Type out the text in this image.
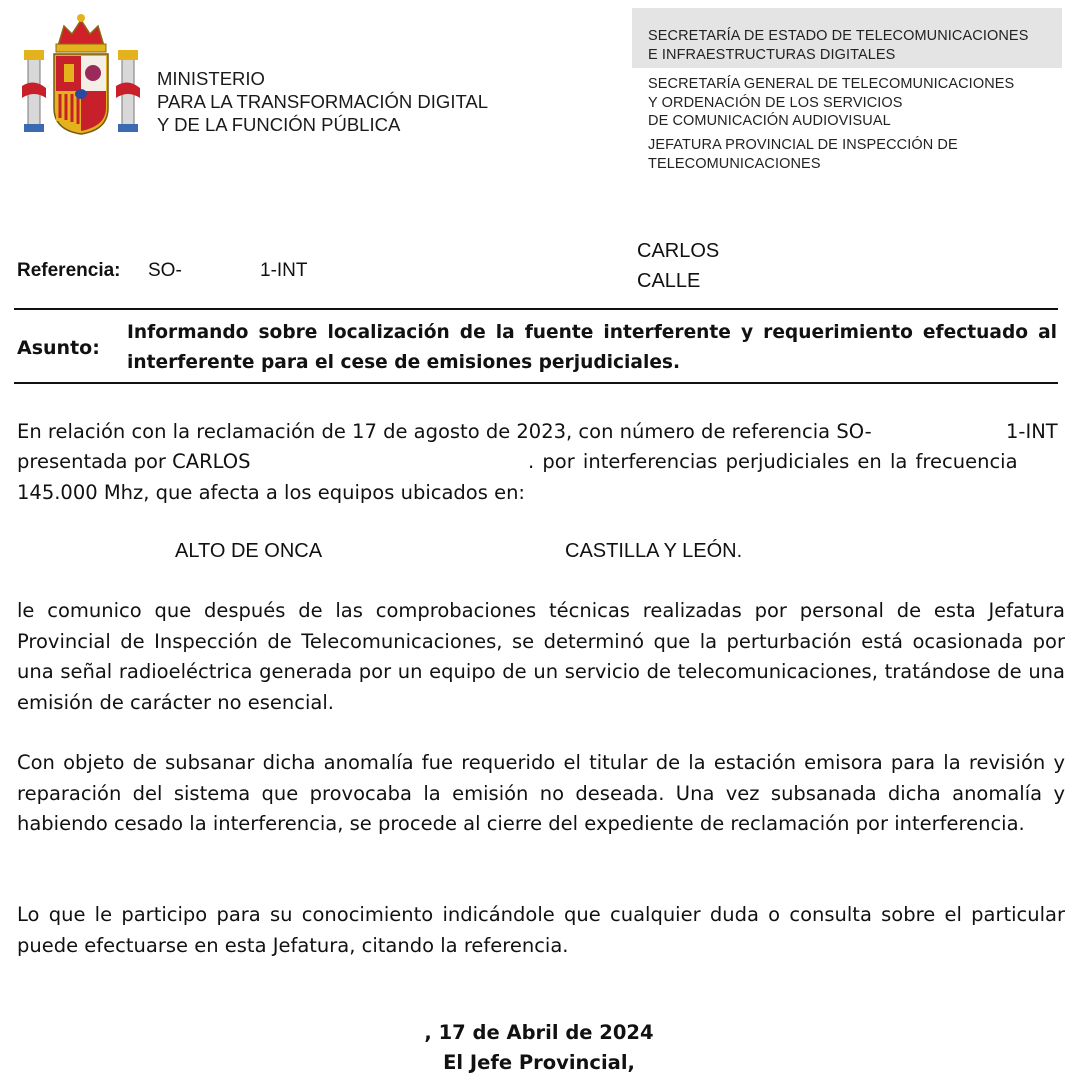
MINISTERIO
PARA LA TRANSFORMACIÓN DIGITAL
Y DE LA FUNCIÓN PÚBLICA
SECRETARÍA DE ESTADO DE TELECOMUNICACIONES
E INFRAESTRUCTURAS DIGITALES
SECRETARÍA GENERAL DE TELECOMUNICACIONES
Y ORDENACIÓN DE LOS SERVICIOS
DE COMUNICACIÓN AUDIOVISUAL
JEFATURA PROVINCIAL DE INSPECCIÓN DE
TELECOMUNICACIONES
Referencia: SO-	1-INT
CARLOS
CALLE
Asunto:
Informando sobre localización de la fuente interferente y requerimiento efectuado al interferente para el cese de emisiones perjudiciales.
En relación con la reclamación de 17 de agosto de 2023, con número de referencia SO-	1-INT
presentada por CARLOS	. por interferencias perjudiciales en la frecuencia
145.000 Mhz, que afecta a los equipos ubicados en:
ALTO DE ONCA	CASTILLA Y LEÓN.
le comunico que después de las comprobaciones técnicas realizadas por personal de esta Jefatura Provincial de Inspección de Telecomunicaciones, se determinó que la perturbación está ocasionada por una señal radioeléctrica generada por un equipo de un servicio de telecomunicaciones, tratándose de una emisión de carácter no esencial.
Con objeto de subsanar dicha anomalía fue requerido el titular de la estación emisora para la revisión y reparación del sistema que provocaba la emisión no deseada. Una vez subsanada dicha anomalía y habiendo cesado la interferencia, se procede al cierre del expediente de reclamación por interferencia.
Lo que le participo para su conocimiento indicándole que cualquier duda o consulta sobre el particular puede efectuarse en esta Jefatura, citando la referencia.
, 17 de Abril de 2024
El Jefe Provincial,
